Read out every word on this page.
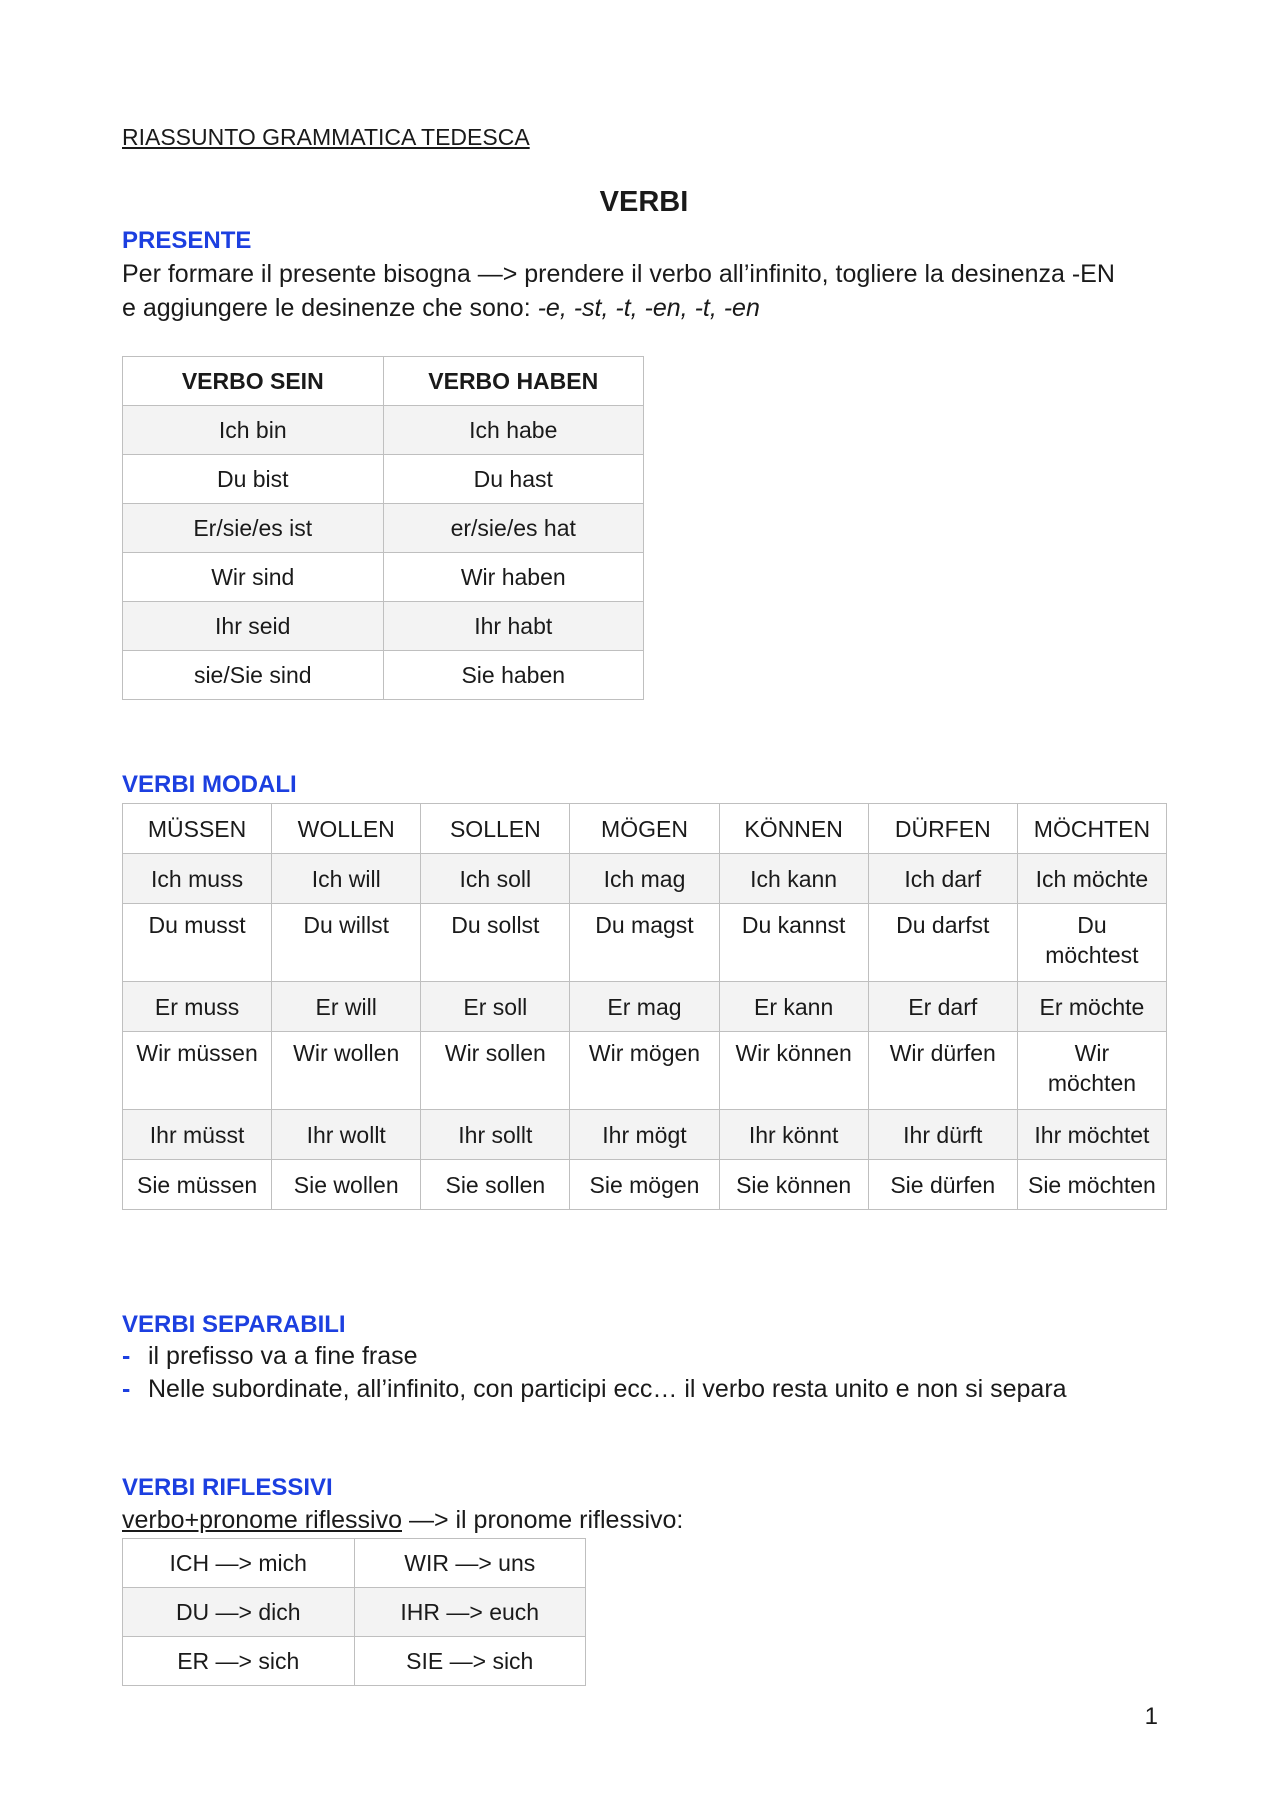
RIASSUNTO GRAMMATICA TEDESCA
VERBI
PRESENTE
Per formare il presente bisogna —> prendere il verbo all’infinito, togliere la desinenza -EN
e aggiungere le desinenze che sono: -e, -st, -t, -en, -t, -en
VERBO SEIN	VERBO HABEN
Ich bin	Ich habe
Du bist	Du hast
Er/sie/es ist	er/sie/es hat
Wir sind	Wir haben
Ihr seid	Ihr habt
sie/Sie sind	Sie haben
VERBI MODALI
MÜSSEN	WOLLEN	SOLLEN	MÖGEN	KÖNNEN	DÜRFEN	MÖCHTEN
Ich muss	Ich will	Ich soll	Ich mag	Ich kann	Ich darf	Ich möchte
Du musst	Du willst	Du sollst	Du magst	Du kannst	Du darfst	Du möchtest
Er muss	Er will	Er soll	Er mag	Er kann	Er darf	Er möchte
Wir müssen	Wir wollen	Wir sollen	Wir mögen	Wir können	Wir dürfen	Wir möchten
Ihr müsst	Ihr wollt	Ihr sollt	Ihr mögt	Ihr könnt	Ihr dürft	Ihr möchtet
Sie müssen	Sie wollen	Sie sollen	Sie mögen	Sie können	Sie dürfen	Sie möchten
VERBI SEPARABILI
- il prefisso va a fine frase
- Nelle subordinate, all’infinito, con participi ecc… il verbo resta unito e non si separa
VERBI RIFLESSIVI
verbo+pronome riflessivo —> il pronome riflessivo:
ICH —> mich	WIR —> uns
DU —> dich	IHR —> euch
ER —> sich	SIE —> sich
1
